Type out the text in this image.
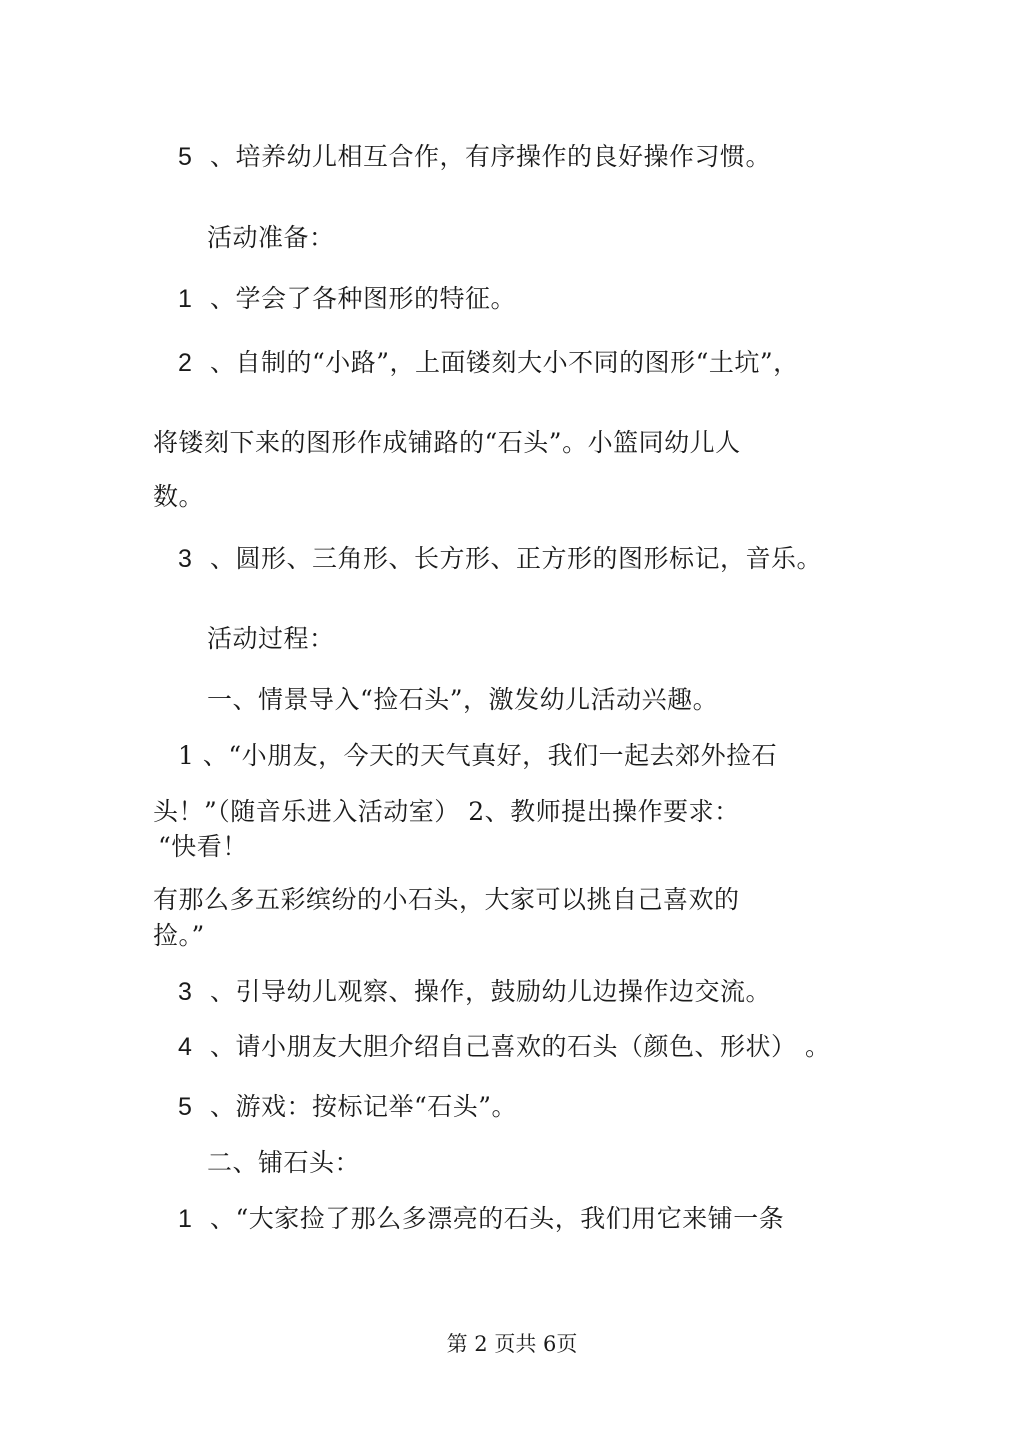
5 、培养幼儿相互合作，有序操作的良好操作习惯。
活动准备：
1 、学会了各种图形的特征。
2 、自制的“小路”，上面镂刻大小不同的图形“土坑”，
将镂刻下来的图形作成铺路的“石头”。小篮同幼儿人
数。
3 、圆形、三角形、长方形、正方形的图形标记，音乐。
活动过程：
一、情景导入“捡石头”，激发幼儿活动兴趣。
1 、“小朋友，今天的天气真好，我们一起去郊外捡石
头！”（随音乐进入活动室） 2、教师提出操作要求：
“快看！
有那么多五彩缤纷的小石头，大家可以挑自己喜欢的
捡。”
3 、引导幼儿观察、操作，鼓励幼儿边操作边交流。
4 、请小朋友大胆介绍自己喜欢的石头（颜色、形状） 。
5 、游戏：按标记举“石头”。
二、铺石头：
1 、“大家捡了那么多漂亮的石头，我们用它来铺一条
第 2 页共 6页
